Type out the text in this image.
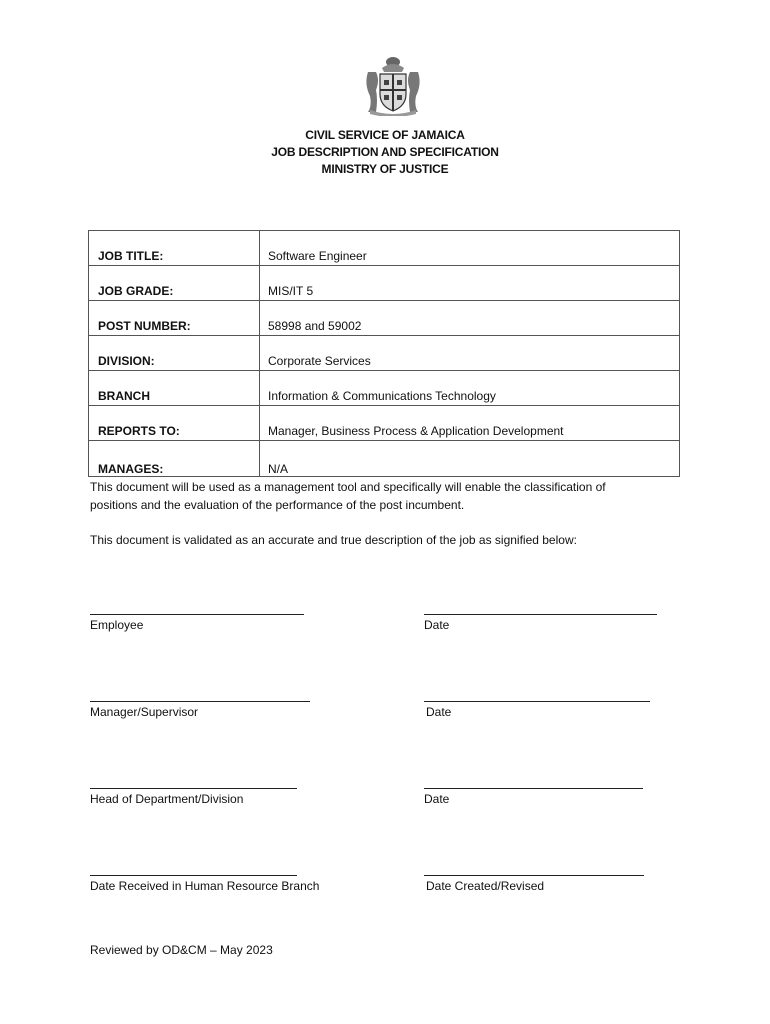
CIVIL SERVICE OF JAMAICA
JOB DESCRIPTION AND SPECIFICATION
MINISTRY OF JUSTICE
JOB TITLE:	Software Engineer
JOB GRADE:	MIS/IT 5
POST NUMBER:	58998 and 59002
DIVISION:	Corporate Services
BRANCH	Information & Communications Technology
REPORTS TO:	Manager, Business Process & Application Development
MANAGES:	N/A
This document will be used as a management tool and specifically will enable the classification of
positions and the evaluation of the performance of the post incumbent.
This document is validated as an accurate and true description of the job as signified below:
Employee	Date
Manager/Supervisor	Date
Head of Department/Division	Date
Date Received in Human Resource Branch	Date Created/Revised
Reviewed by OD&CM – May 2023
